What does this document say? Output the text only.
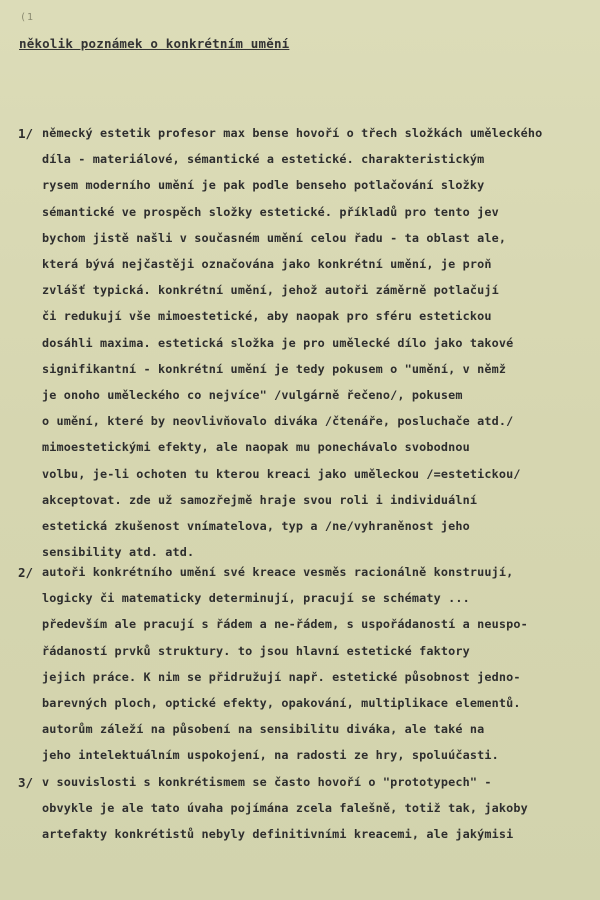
(1
několik poznámek o konkrétním umění
1/ německý estetik profesor max bense hovoří o třech složkách uměleckého
díla - materiálové, sémantické a estetické. charakteristickým
rysem moderního umění je pak podle benseho potlačování složky
sémantické ve prospěch složky estetické. příkladů pro tento jev
bychom jistě našli v současném umění celou řadu - ta oblast ale,
která bývá nejčastěji označována jako konkrétní umění, je proň
zvlášť typická. konkrétní umění, jehož autoři záměrně potlačují
či redukují vše mimoestetické, aby naopak pro sféru estetickou
dosáhli maxima. estetická složka je pro umělecké dílo jako takové
signifikantní - konkrétní umění je tedy pokusem o "umění, v němž
je onoho uměleckého co nejvíce" /vulgárně řečeno/, pokusem
o umění, které by neovlivňovalo diváka /čtenáře, posluchače atd./
mimoestetickými efekty, ale naopak mu ponechávalo svobodnou
volbu, je-li ochoten tu kterou kreaci jako uměleckou /=estetickou/
akceptovat. zde už samozřejmě hraje svou roli i individuální
estetická zkušenost vnímatelova, typ a /ne/vyhraněnost jeho
sensibility atd. atd.
2/ autoři konkrétního umění své kreace vesměs racionálně konstruují,
logicky či matematicky determinují, pracují se schématy ...
především ale pracují s řádem a ne-řádem, s uspořádaností a neuspo-
řádaností prvků struktury. to jsou hlavní estetické faktory
jejich práce. K nim se přidružují např. estetické působnost jedno-
barevných ploch, optické efekty, opakování, multiplikace elementů.
autorům záleží na působení na sensibilitu diváka, ale také na
jeho intelektuálním uspokojení, na radosti ze hry, spoluúčasti.
3/ v souvislosti s konkrétismem se často hovoří o "prototypech" -
obvykle je ale tato úvaha pojímána zcela falešně, totiž tak, jakoby
artefakty konkrétistů nebyly definitivními kreacemi, ale jakýmisi
